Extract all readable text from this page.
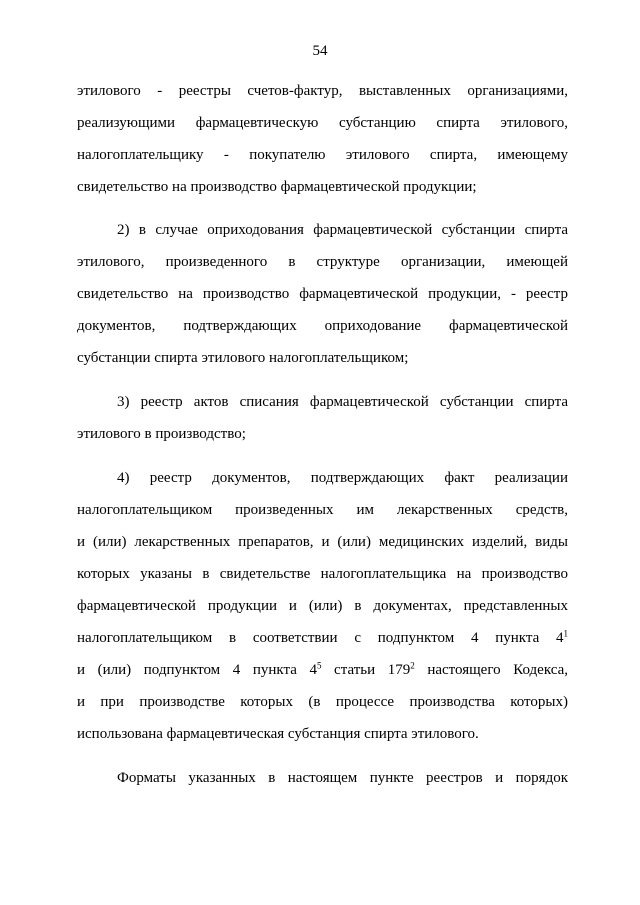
54
этилового - реестры счетов-фактур, выставленных организациями,
реализующими фармацевтическую субстанцию спирта этилового,
налогоплательщику - покупателю этилового спирта, имеющему
свидетельство на производство фармацевтической продукции;
2) в случае оприходования фармацевтической субстанции спирта
этилового, произведенного в структуре организации, имеющей
свидетельство на производство фармацевтической продукции, - реестр
документов, подтверждающих оприходование фармацевтической
субстанции спирта этилового налогоплательщиком;
3) реестр актов списания фармацевтической субстанции спирта
этилового в производство;
4) реестр документов, подтверждающих факт реализации
налогоплательщиком произведенных им лекарственных средств,
и (или) лекарственных препаратов, и (или) медицинских изделий, виды
которых указаны в свидетельстве налогоплательщика на производство
фармацевтической продукции и (или) в документах, представленных
налогоплательщиком в соответствии с подпунктом 4 пункта $4^1$
и (или) подпунктом 4 пункта $4^5$ статьи $179^2$ настоящего Кодекса,
и при производстве которых (в процессе производства которых)
использована фармацевтическая субстанция спирта этилового.
Форматы указанных в настоящем пункте реестров и порядок
